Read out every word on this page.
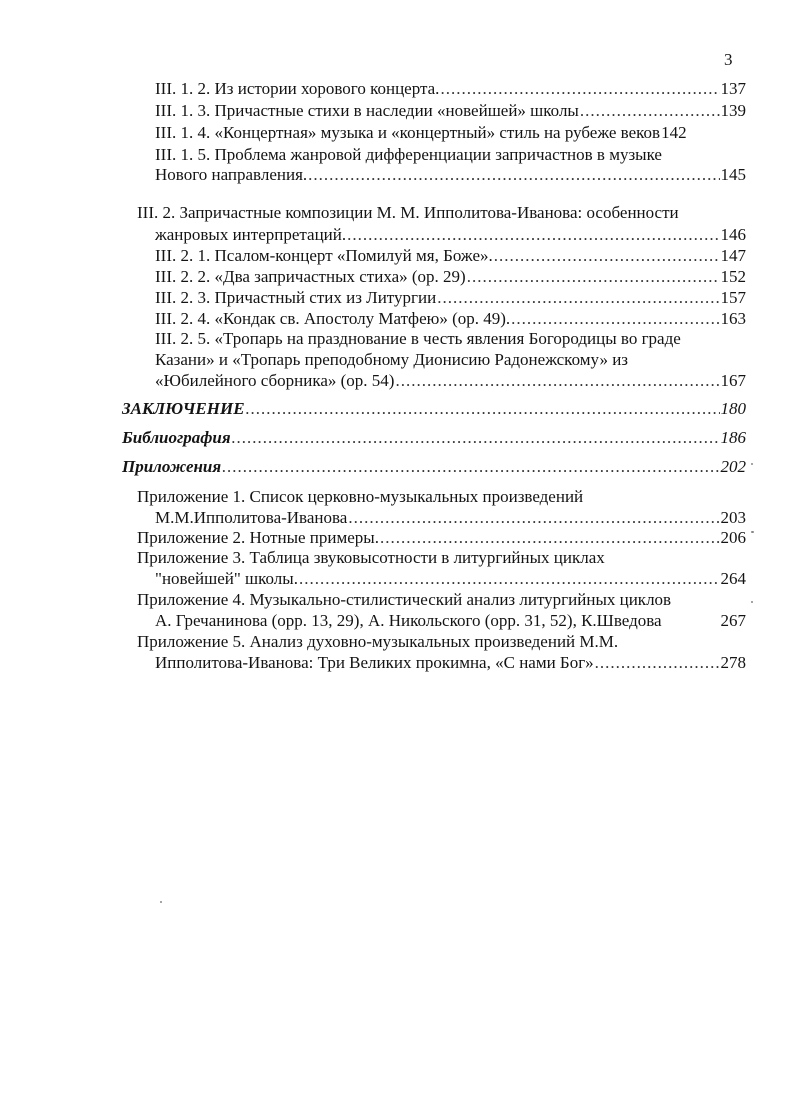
3
III. 1. 2. Из истории хорового концерта. .....	137
III. 1. 3. Причастные стихи в наследии «новейшей» школы .....	139
III. 1. 4. «Концертная» музыка и «концертный» стиль на рубеже веков 142
III. 1. 5. Проблема жанровой дифференциации запричастнов в музыке
Нового направления. .....	145
III. 2. Запричастные композиции М. М. Ипполитова-Иванова: особенности
жанровых интерпретаций. .....	146
III. 2. 1. Псалом-концерт «Помилуй мя, Боже». .....	147
III. 2. 2. «Два запричастных стиха» (ор. 29) .....	152
III. 2. 3. Причастный стих из Литургии .....	157
III. 2. 4. «Кондак св. Апостолу Матфею» (ор. 49). .....	163
III. 2. 5. «Тропарь на празднование в честь явления Богородицы во граде
Казани» и «Тропарь преподобному Дионисию Радонежскому» из
«Юбилейного сборника» (ор. 54) .....	167
ЗАКЛЮЧЕНИЕ .....	180
Библиография .....	186
Приложения .....	202
Приложение 1. Список церковно-музыкальных произведений
М.М.Ипполитова-Иванова .....	203
Приложение 2. Нотные примеры. .....	206
Приложение 3. Таблица звуковысотности в литургийных циклах
"новейшей" школы. .....	264
Приложение 4. Музыкально-стилистический анализ литургийных циклов
А. Гречанинова (орр. 13, 29), А. Никольского (орр. 31, 52), К.Шведова	267
Приложение 5. Анализ духовно-музыкальных произведений М.М.
Ипполитова-Иванова: Три Великих прокимна, «С нами Бог» .....	278
